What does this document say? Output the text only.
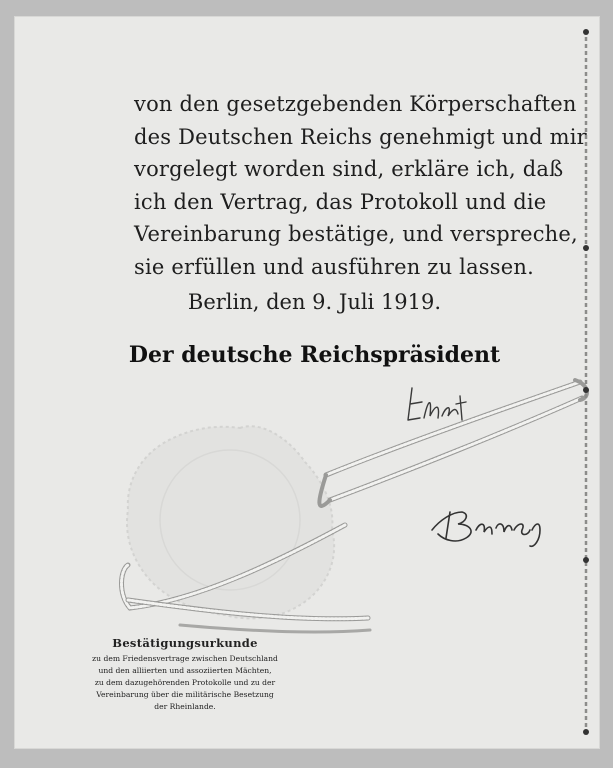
von den gesetzgebenden Körperschaften
des Deutschen Reichs genehmigt und mir
vorgelegt worden sind, erkläre ich, daß
ich den Vertrag, das Protokoll und die
Vereinbarung bestätige, und verspreche,
sie erfüllen und ausführen zu lassen.
Berlin, den 9. Juli 1919.
Der deutsche Reichspräsident
Bestätigungsurkunde
zu dem Friedensvertrage zwischen Deutschland
und den alliierten und assoziierten Mächten,
zu dem dazugehörenden Protokolle und zu der
Vereinbarung über die militärische Besetzung
der Rheinlande.
